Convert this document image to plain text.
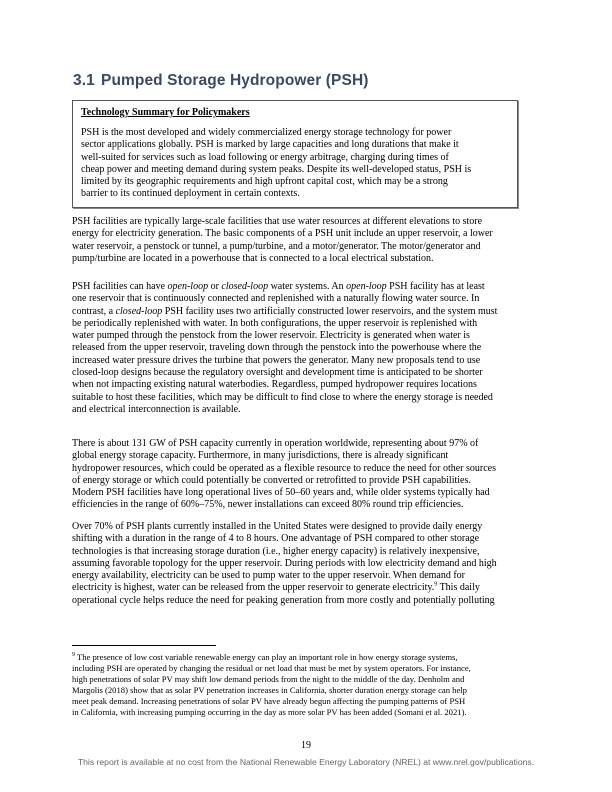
3.1 Pumped Storage Hydropower (PSH)
Technology Summary for Policymakers

PSH is the most developed and widely commercialized energy storage technology for power

sector applications globally. PSH is marked by large capacities and long durations that make it

well-suited for services such as load following or energy arbitrage, charging during times of

cheap power and meeting demand during system peaks. Despite its well-developed status, PSH is

limited by its geographic requirements and high upfront capital cost, which may be a strong

barrier to its continued deployment in certain contexts.

PSH facilities are typically large-scale facilities that use water resources at different elevations to store

energy for electricity generation. The basic components of a PSH unit include an upper reservoir, a lower

water reservoir, a penstock or tunnel, a pump/turbine, and a motor/generator. The motor/generator and

pump/turbine are located in a powerhouse that is connected to a local electrical substation.

PSH facilities can have open-loop or closed-loop water systems. An open-loop PSH facility has at least

one reservoir that is continuously connected and replenished with a naturally flowing water source. In

contrast, a closed-loop PSH facility uses two artificially constructed lower reservoirs, and the system must

be periodically replenished with water. In both configurations, the upper reservoir is replenished with

water pumped through the penstock from the lower reservoir. Electricity is generated when water is

released from the upper reservoir, traveling down through the penstock into the powerhouse where the

increased water pressure drives the turbine that powers the generator. Many new proposals tend to use

closed-loop designs because the regulatory oversight and development time is anticipated to be shorter

when not impacting existing natural waterbodies. Regardless, pumped hydropower requires locations

suitable to host these facilities, which may be difficult to find close to where the energy storage is needed

and electrical interconnection is available.

There is about 131 GW of PSH capacity currently in operation worldwide, representing about 97% of

global energy storage capacity. Furthermore, in many jurisdictions, there is already significant

hydropower resources, which could be operated as a flexible resource to reduce the need for other sources

of energy storage or which could potentially be converted or retrofitted to provide PSH capabilities.

Modern PSH facilities have long operational lives of 50–60 years and, while older systems typically had

efficiencies in the range of 60%–75%, newer installations can exceed 80% round trip efficiencies.

Over 70% of PSH plants currently installed in the United States were designed to provide daily energy

shifting with a duration in the range of 4 to 8 hours. One advantage of PSH compared to other storage

technologies is that increasing storage duration (i.e., higher energy capacity) is relatively inexpensive,

assuming favorable topology for the upper reservoir. During periods with low electricity demand and high

energy availability, electricity can be used to pump water to the upper reservoir. When demand for

electricity is highest, water can be released from the upper reservoir to generate electricity.$^9$ This daily

operational cycle helps reduce the need for peaking generation from more costly and potentially polluting

$^9$ The presence of low cost variable renewable energy can play an important role in how energy storage systems,

including PSH are operated by changing the residual or net load that must be met by system operators. For instance,

high penetrations of solar PV may shift low demand periods from the night to the middle of the day. Denholm and

Margolis (2018) show that as solar PV penetration increases in California, shorter duration energy storage can help

meet peak demand. Increasing penetrations of solar PV have already begun affecting the pumping patterns of PSH

in California, with increasing pumping occurring in the day as more solar PV has been added (Somani et al. 2021).

19
This report is available at no cost from the National Renewable Energy Laboratory (NREL) at www.nrel.gov/publications.
